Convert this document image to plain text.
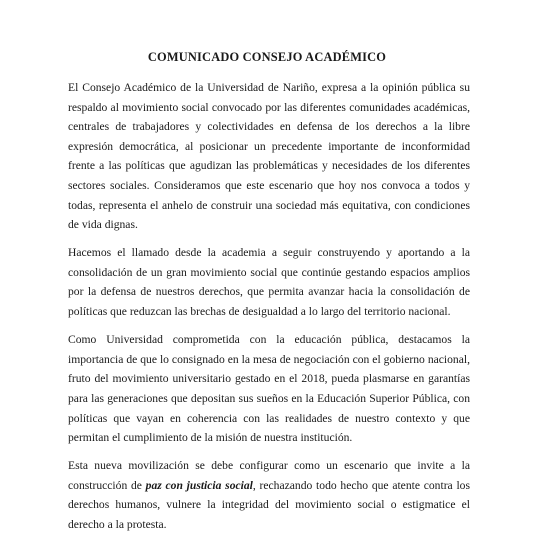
COMUNICADO CONSEJO ACADÉMICO

El Consejo Académico de la Universidad de Nariño, expresa a la opinión pública su respaldo al movimiento social convocado por las diferentes comunidades académicas, centrales de trabajadores y colectividades en defensa de los derechos a la libre expresión democrática, al posicionar un precedente importante de inconformidad frente a las políticas que agudizan las problemáticas y necesidades de los diferentes sectores sociales. Consideramos que este escenario que hoy nos convoca a todos y todas, representa el anhelo de construir una sociedad más equitativa, con condiciones de vida dignas.

Hacemos el llamado desde la academia a seguir construyendo y aportando a la consolidación de un gran movimiento social que continúe gestando espacios amplios por la defensa de nuestros derechos, que permita avanzar hacia la consolidación de políticas que reduzcan las brechas de desigualdad a lo largo del territorio nacional.

Como Universidad comprometida con la educación pública, destacamos la importancia de que lo consignado en la mesa de negociación con el gobierno nacional, fruto del movimiento universitario gestado en el 2018, pueda plasmarse en garantías para las generaciones que depositan sus sueños en la Educación Superior Pública, con políticas que vayan en coherencia con las realidades de nuestro contexto y que permitan el cumplimiento de la misión de nuestra institución.

Esta nueva movilización se debe configurar como un escenario que invite a la construcción de paz con justicia social, rechazando todo hecho que atente contra los derechos humanos, vulnere la integridad del movimiento social o estigmatice el derecho a la protesta.
